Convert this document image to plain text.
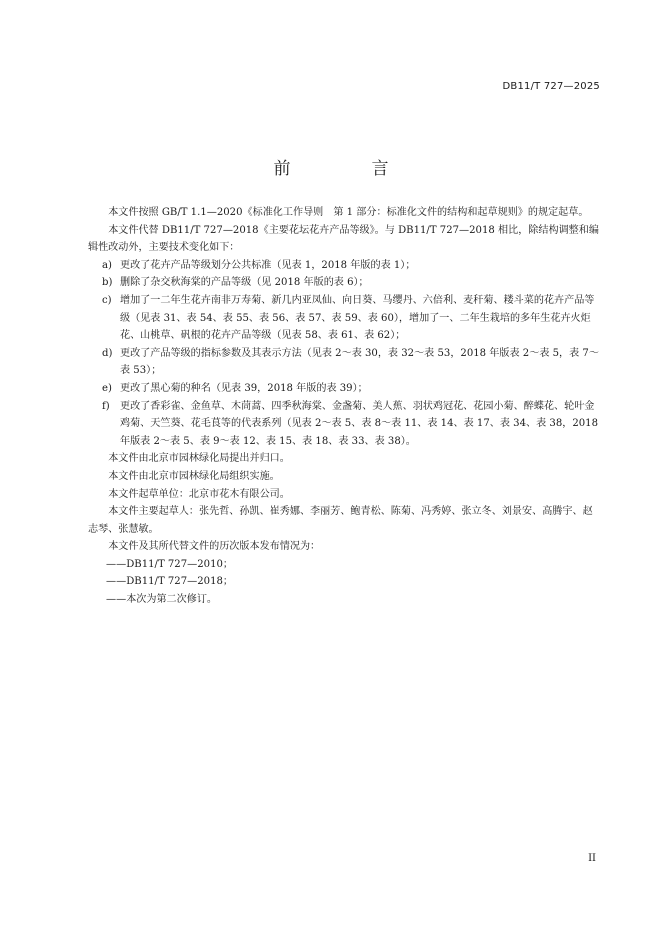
DB11/T 727—2025
前　言

本文件按照 GB/T 1.1—2020《标准化工作导则　第 1 部分：标准化文件的结构和起草规则》的规定起草。

本文件代替 DB11/T 727—2018《主要花坛花卉产品等级》。与 DB11/T 727—2018 相比，除结构调整和编辑性改动外，主要技术变化如下：

a) 更改了花卉产品等级划分公共标准（见表 1，2018 年版的表 1）；

b) 删除了杂交秋海棠的产品等级（见 2018 年版的表 6）；

c) 增加了一二年生花卉南非万寿菊、新几内亚凤仙、向日葵、马缨丹、六倍利、麦秆菊、耧斗菜的花卉产品等级（见表 31、表 54、表 55、表 56、表 57、表 59、表 60），增加了一、二年生栽培的多年生花卉火炬花、山桃草、矾根的花卉产品等级（见表 58、表 61、表 62）；

d) 更改了产品等级的指标参数及其表示方法（见表 2～表 30，表 32～表 53，2018 年版表 2～表 5，表 7～表 53）；

e) 更改了黑心菊的种名（见表 39，2018 年版的表 39）；

f) 更改了香彩雀、金鱼草、木茼蒿、四季秋海棠、金盏菊、美人蕉、羽状鸡冠花、花园小菊、醉蝶花、轮叶金鸡菊、天竺葵、花毛茛等的代表系列（见表 2～表 5、表 8～表 11、表 14、表 17、表 34、表 38，2018 年版表 2～表 5、表 9～表 12、表 15、表 18、表 33、表 38）。

本文件由北京市园林绿化局提出并归口。

本文件由北京市园林绿化局组织实施。

本文件起草单位：北京市花木有限公司。

本文件主要起草人：张先哲、孙凯、崔秀娜、李丽芳、鲍青松、陈菊、冯秀婷、张立冬、刘景安、高腾宇、赵志琴、张慧敏。

本文件及其所代替文件的历次版本发布情况为：

——DB11/T 727—2010；

——DB11/T 727—2018；

——本次为第二次修订。

II
